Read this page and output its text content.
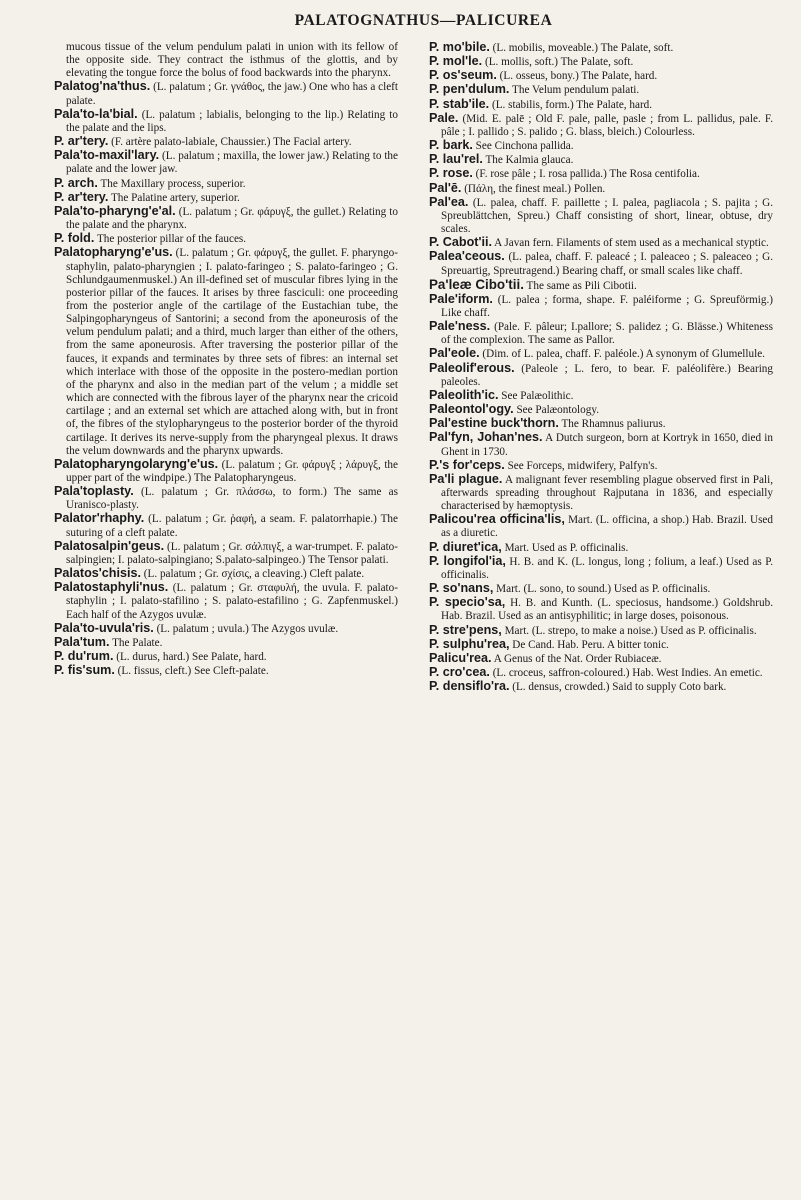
PALATOGNATHUS—PALICUREA

mucous tissue of the velum pendulum palati in union with its fellow of the opposite side. They contract the isthmus of the glottis, and by elevating the tongue force the bolus of food backwards into the pharynx.

Palatog'na'thus. (L. palatum ; Gr. γνάθος, the jaw.) One who has a cleft palate.

Pala'to-la'bial. (L. palatum ; labialis, belonging to the lip.) Relating to the palate and the lips.

P. ar'tery. (F. artère palato-labiale, Chaussier.) The Facial artery.

Pala'to-maxil'lary. (L. palatum ; maxilla, the lower jaw.) Relating to the palate and the lower jaw.

P. arch. The Maxillary process, superior.

P. ar'tery. The Palatine artery, superior.

Pala'to-pharyng'e'al. (L. palatum ; Gr. φάρυγξ, the gullet.) Relating to the palate and the pharynx.

P. fold. The posterior pillar of the fauces.

Palatopharyng'e'us. (L. palatum ; Gr. φάρυγξ, the gullet. F. pharyngo-staphylin, palato-pharyngien ; I. palato-faringeo ; S. palato-faringeo ; G. Schlundgaumenmuskel.) An ill-defined set of muscular fibres lying in the posterior pillar of the fauces. It arises by three fasciculi: one proceeding from the posterior angle of the cartilage of the Eustachian tube, the Salpingopharyngeus of Santorini; a second from the aponeurosis of the velum pendulum palati; and a third, much larger than either of the others, from the same aponeurosis. After traversing the posterior pillar of the fauces, it expands and terminates by three sets of fibres: an internal set which interlace with those of the opposite in the postero-median portion of the pharynx and also in the median part of the velum ; a middle set which are connected with the fibrous layer of the pharynx near the cricoid cartilage ; and an external set which are attached along with, but in front of, the fibres of the stylopharyngeus to the posterior border of the thyroid cartilage. It derives its nerve-supply from the pharyngeal plexus. It draws the velum downwards and the pharynx upwards.

Palatopharyngolaryng'e'us. (L. palatum ; Gr. φάρυγξ ; λάρυγξ, the upper part of the windpipe.) The Palatopharyngeus.

Pala'toplasty. (L. palatum ; Gr. πλάσσω, to form.) The same as Uranisco-plasty.

Palator'rhaphy. (L. palatum ; Gr. ῥαφή, a seam. F. palatorrhapie.) The suturing of a cleft palate.

Palatosalpin'geus. (L. palatum ; Gr. σάλπιγξ, a war-trumpet. F. palato-salpingien; I. palato-salpingiano; S.palato-salpingeo.) The Tensor palati.

Palatos'chisis. (L. palatum ; Gr. σχίσις, a cleaving.) Cleft palate.

Palatostaphyli'nus. (L. palatum ; Gr. σταφυλή, the uvula. F. palato-staphylin ; I. palato-stafilino ; S. palato-estafilino ; G. Zapfenmuskel.) Each half of the Azygos uvulæ.

Pala'to-uvula'ris. (L. palatum ; uvula.) The Azygos uvulæ.

Pala'tum. The Palate.

P. du'rum. (L. durus, hard.) See Palate, hard.

P. fis'sum. (L. fissus, cleft.) See Cleft-palate.

P. mo'bile. (L. mobilis, moveable.) The Palate, soft.

P. mol'le. (L. mollis, soft.) The Palate, soft.

P. os'seum. (L. osseus, bony.) The Palate, hard.

P. pen'dulum. The Velum pendulum palati.

P. stab'ile. (L. stabilis, form.) The Palate, hard.

Pale. (Mid. E. palē ; Old F. pale, palle, pasle ; from L. pallidus, pale. F. pâle ; I. pallido ; S. palido ; G. blass, bleich.) Colourless.

P. bark. See Cinchona pallida.

P. lau'rel. The Kalmia glauca.

P. rose. (F. rose pâle ; I. rosa pallida.) The Rosa centifolia.

Pal'ē. (Πάλη, the finest meal.) Pollen.

Pal'ea. (L. palea, chaff. F. paillette ; I. palea, pagliacola ; S. pajita ; G. Spreublättchen, Spreu.) Chaff consisting of short, linear, obtuse, dry scales.

P. Cabot'ii. A Javan fern. Filaments of stem used as a mechanical styptic.

Palea'ceous. (L. palea, chaff. F. paleacé ; I. paleaceo ; S. paleaceo ; G. Spreuartig, Spreutragend.) Bearing chaff, or small scales like chaff.

Pa'leæ Cibo'tii. The same as Pili Cibotii.

Pale'iform. (L. palea ; forma, shape. F. paléiforme ; G. Spreuförmig.) Like chaff.

Pale'ness. (Pale. F. pâleur; I.pallore; S. palidez ; G. Blässe.) Whiteness of the complexion. The same as Pallor.

Pal'eole. (Dim. of L. palea, chaff. F. paléole.) A synonym of Glumellule.

Paleolif'erous. (Paleole ; L. fero, to bear. F. paléolifère.) Bearing paleoles.

Paleolith'ic. See Palæolithic.

Paleontol'ogy. See Palæontology.

Pal'estine buck'thorn. The Rhamnus paliurus.

Pal'fyn, Johan'nes. A Dutch surgeon, born at Kortryk in 1650, died in Ghent in 1730.

P.'s for'ceps. See Forceps, midwifery, Palfyn's.

Pa'li plague. A malignant fever resembling plague observed first in Pali, afterwards spreading throughout Rajputana in 1836, and especially characterised by hæmoptysis.

Palicou'rea officina'lis, Mart. (L. officina, a shop.) Hab. Brazil. Used as a diuretic.

P. diuret'ica, Mart. Used as P. officinalis.

P. longifol'ia, H. B. and K. (L. longus, long ; folium, a leaf.) Used as P. officinalis.

P. so'nans, Mart. (L. sono, to sound.) Used as P. officinalis.

P. specio'sa, H. B. and Kunth. (L. speciosus, handsome.) Goldshrub. Hab. Brazil. Used as an antisyphilitic; in large doses, poisonous.

P. stre'pens, Mart. (L. strepo, to make a noise.) Used as P. officinalis.

P. sulphu'rea, De Cand. Hab. Peru. A bitter tonic.

Palicu'rea. A Genus of the Nat. Order Rubiaceæ.

P. cro'cea. (L. croceus, saffron-coloured.) Hab. West Indies. An emetic.

P. densiflo'ra. (L. densus, crowded.) Said to supply Coto bark.
